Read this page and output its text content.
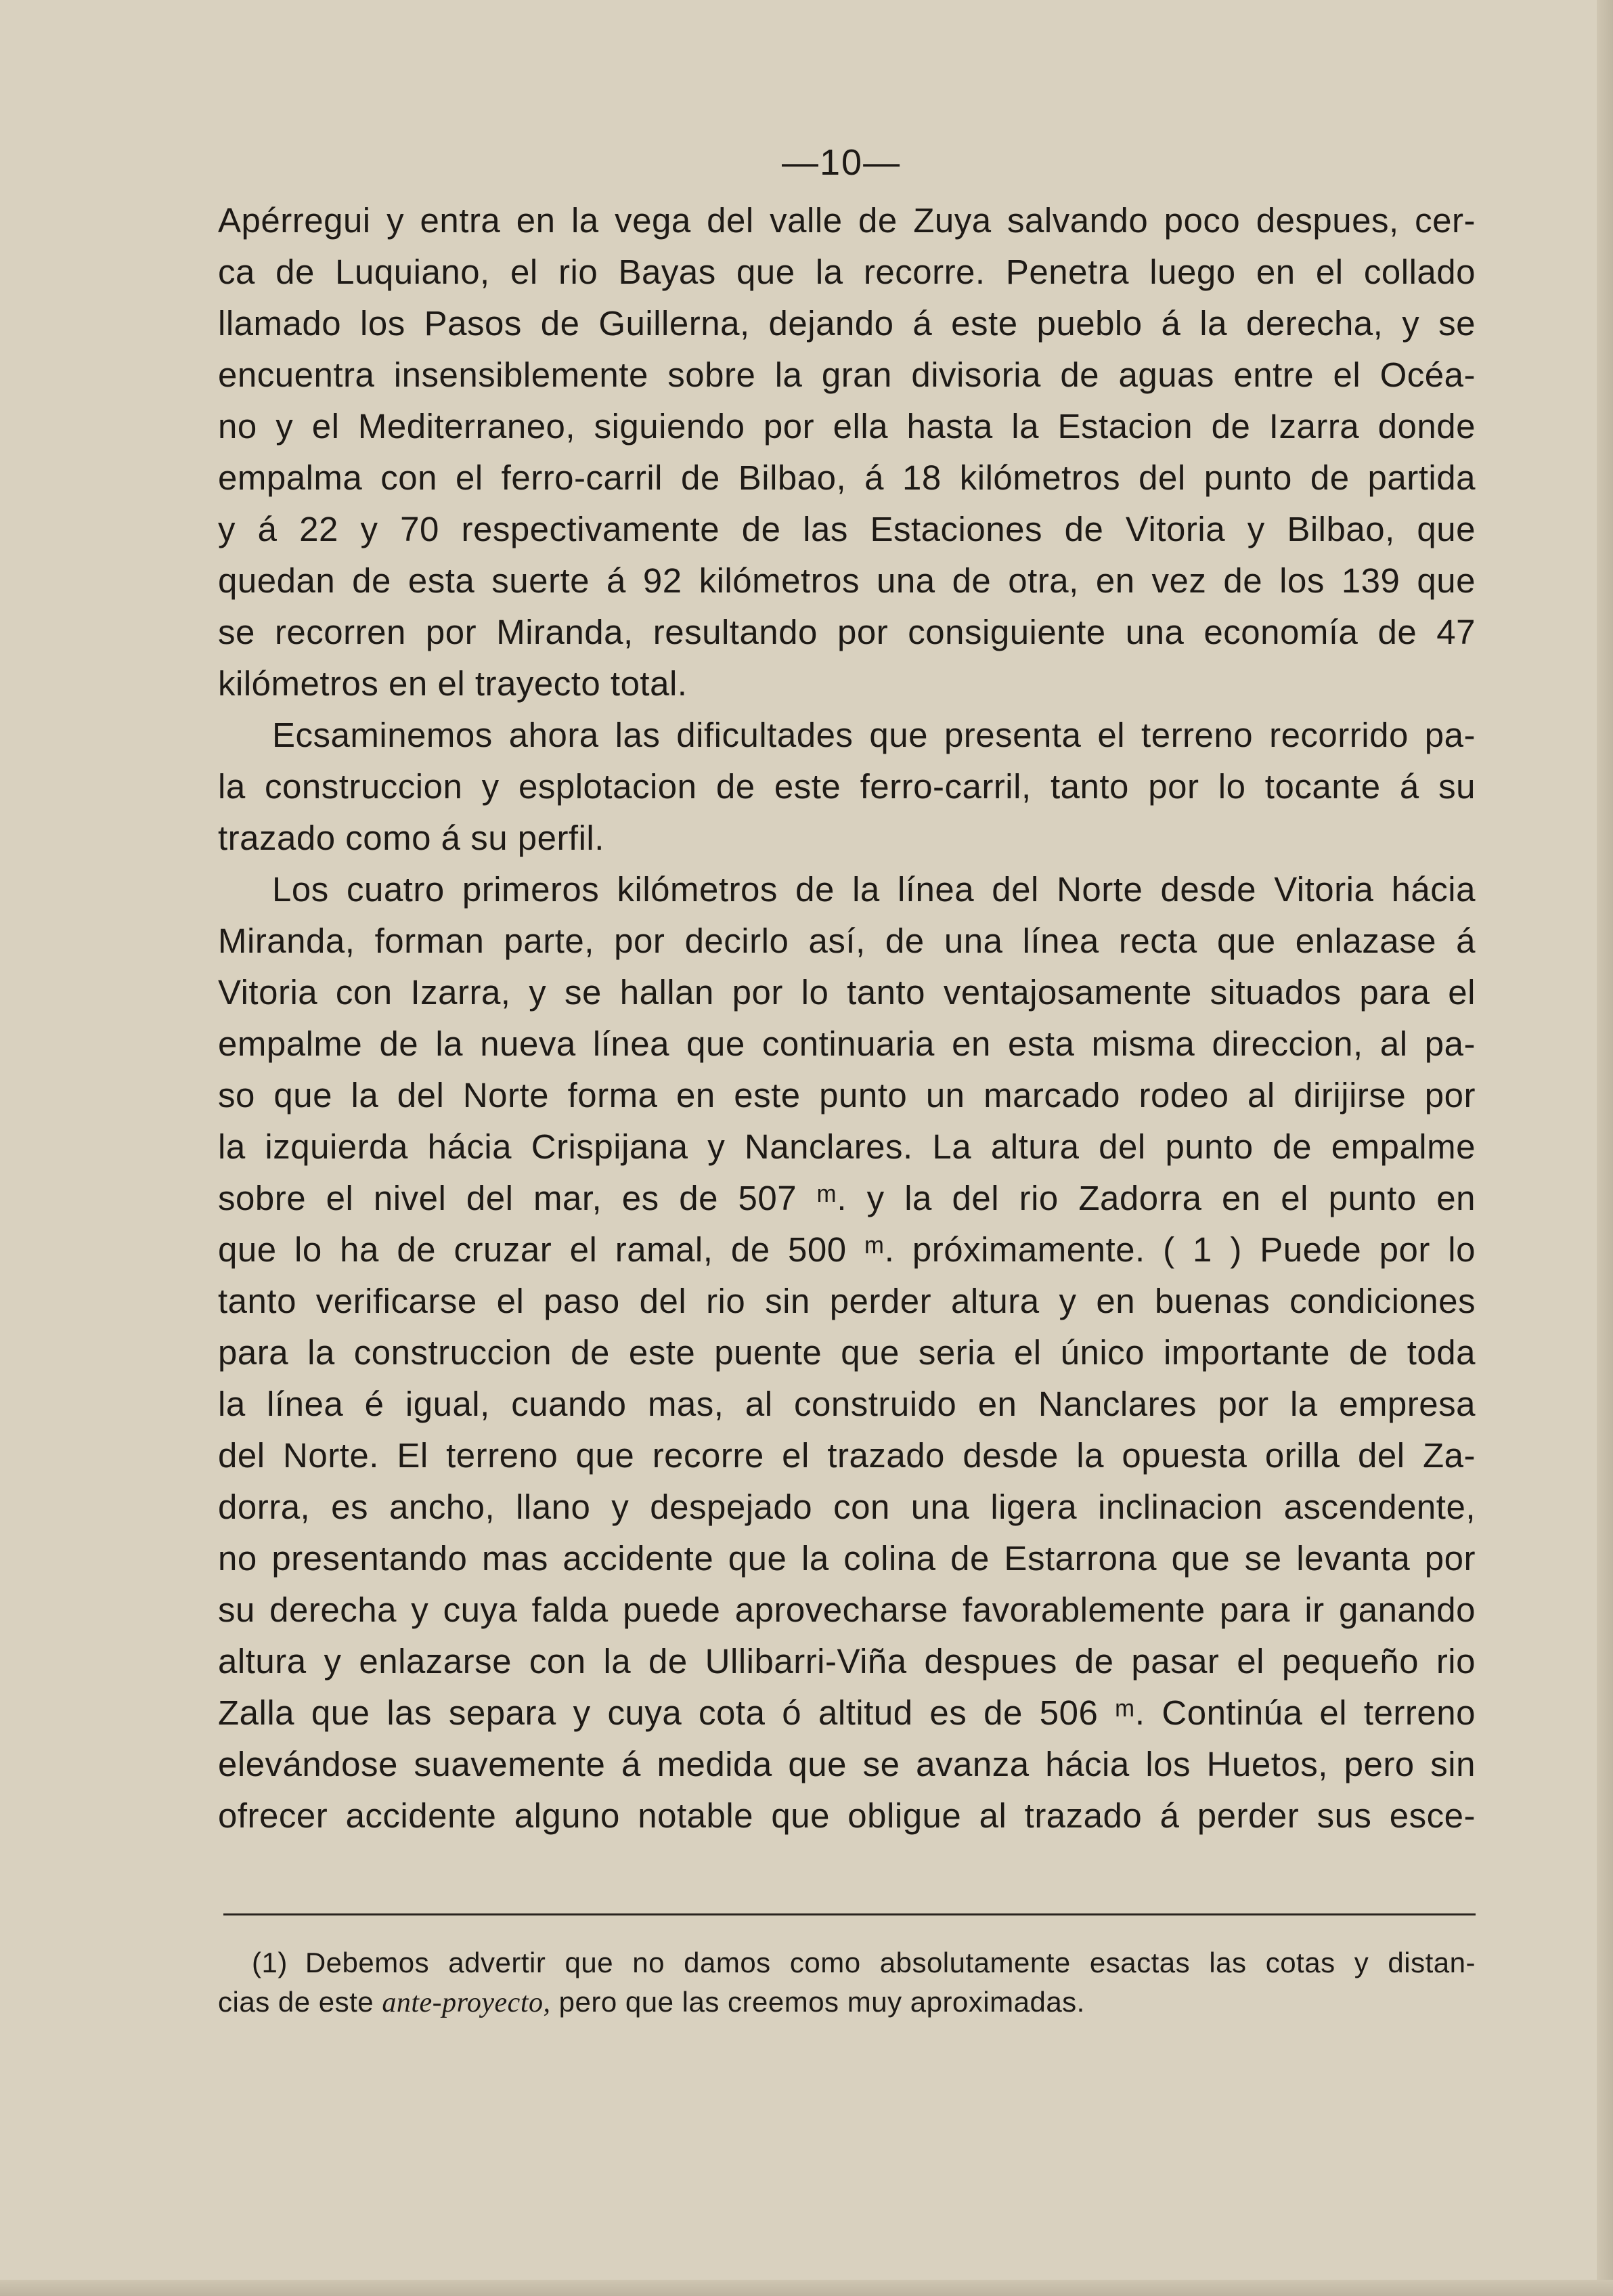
—10—
Apérregui y entra en la vega del valle de Zuya salvando poco despues, cer-
ca de Luquiano, el rio Bayas que la recorre. Penetra luego en el collado
llamado los Pasos de Guillerna, dejando á este pueblo á la derecha, y se
encuentra insensiblemente sobre la gran divisoria de aguas entre el Océa-
no y el Mediterraneo, siguiendo por ella hasta la Estacion de Izarra donde
empalma con el ferro-carril de Bilbao, á 18 kilómetros del punto de partida
y á 22 y 70 respectivamente de las Estaciones de Vitoria y Bilbao, que
quedan de esta suerte á 92 kilómetros una de otra, en vez de los 139 que
se recorren por Miranda, resultando por consiguiente una economía de 47
kilómetros en el trayecto total.
Ecsaminemos ahora las dificultades que presenta el terreno recorrido pa-
la construccion y esplotacion de este ferro-carril, tanto por lo tocante á su
trazado como á su perfil.
Los cuatro primeros kilómetros de la línea del Norte desde Vitoria hácia
Miranda, forman parte, por decirlo así, de una línea recta que enlazase á
Vitoria con Izarra, y se hallan por lo tanto ventajosamente situados para el
empalme de la nueva línea que continuaria en esta misma direccion, al pa-
so que la del Norte forma en este punto un marcado rodeo al dirijirse por
la izquierda hácia Crispijana y Nanclares. La altura del punto de empalme
sobre el nivel del mar, es de 507 ᵐ. y la del rio Zadorra en el punto en
que lo ha de cruzar el ramal, de 500 ᵐ. próximamente. ( 1 ) Puede por lo
tanto verificarse el paso del rio sin perder altura y en buenas condiciones
para la construccion de este puente que seria el único importante de toda
la línea é igual, cuando mas, al construido en Nanclares por la empresa
del Norte. El terreno que recorre el trazado desde la opuesta orilla del Za-
dorra, es ancho, llano y despejado con una ligera inclinacion ascendente,
no presentando mas accidente que la colina de Estarrona que se levanta por
su derecha y cuya falda puede aprovecharse favorablemente para ir ganando
altura y enlazarse con la de Ullibarri-Viña despues de pasar el pequeño rio
Zalla que las separa y cuya cota ó altitud es de 506 ᵐ. Continúa el terreno
elevándose suavemente á medida que se avanza hácia los Huetos, pero sin
ofrecer accidente alguno notable que obligue al trazado á perder sus esce-
(1) Debemos advertir que no damos como absolutamente esactas las cotas y distan-
cias de este ante-proyecto, pero que las creemos muy aproximadas.
